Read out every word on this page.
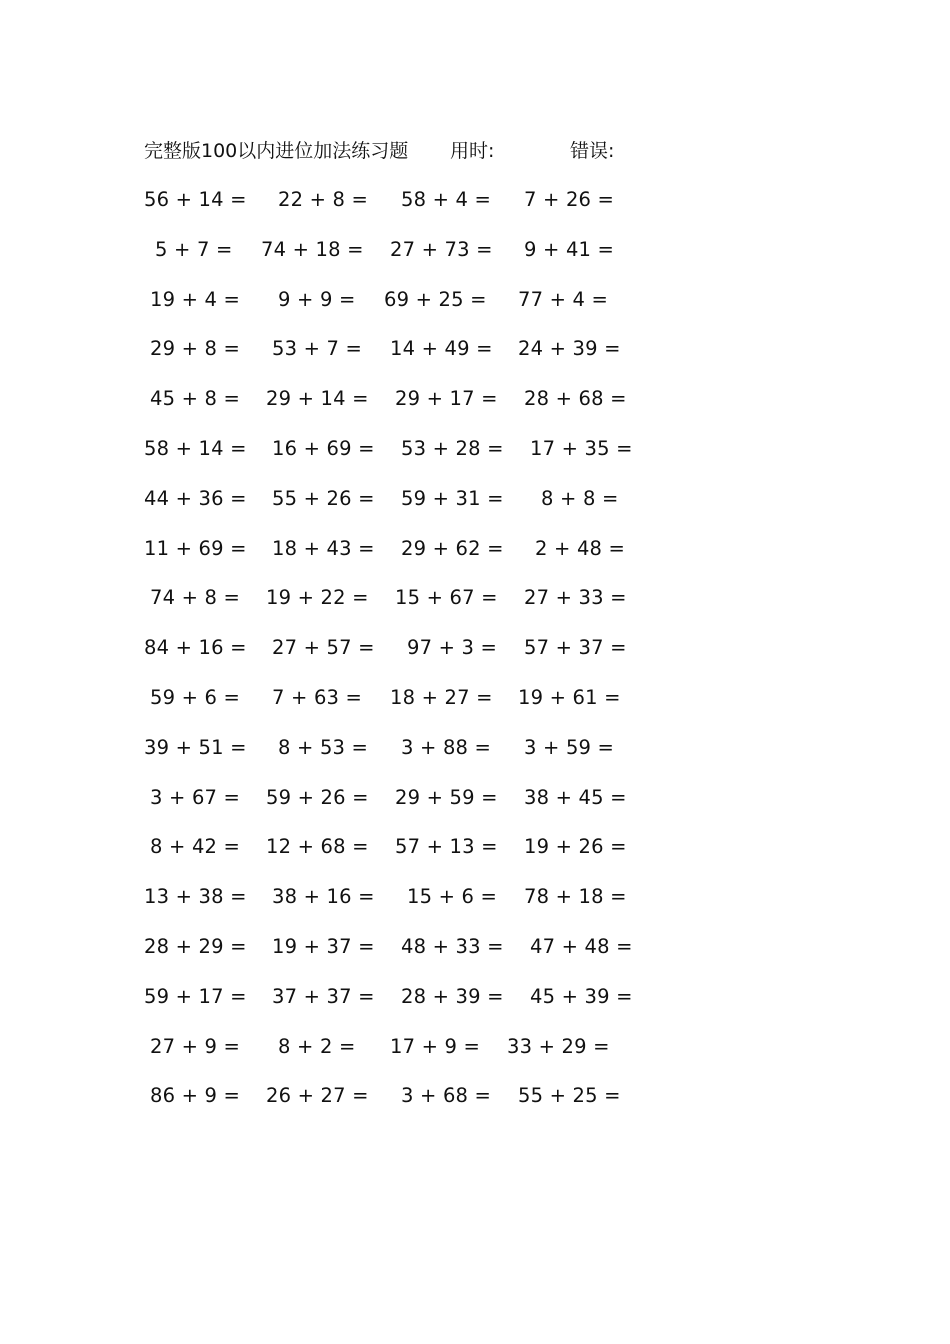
完整版100以内进位加法练习题 用时:	错误:
56 + 14 = 22 + 8 = 58 + 4 = 7 + 26 =
5 + 7 = 74 + 18 = 27 + 73 = 9 + 41 =
19 + 4 = 9 + 9 = 69 + 25 = 77 + 4 =
29 + 8 = 53 + 7 = 14 + 49 = 24 + 39 =
45 + 8 = 29 + 14 = 29 + 17 = 28 + 68 =
58 + 14 = 16 + 69 = 53 + 28 = 17 + 35 =
44 + 36 = 55 + 26 = 59 + 31 = 8 + 8 =
11 + 69 = 18 + 43 = 29 + 62 = 2 + 48 =
74 + 8 = 19 + 22 = 15 + 67 = 27 + 33 =
84 + 16 = 27 + 57 = 97 + 3 = 57 + 37 =
59 + 6 = 7 + 63 = 18 + 27 = 19 + 61 =
39 + 51 = 8 + 53 = 3 + 88 = 3 + 59 =
3 + 67 = 59 + 26 = 29 + 59 = 38 + 45 =
8 + 42 = 12 + 68 = 57 + 13 = 19 + 26 =
13 + 38 = 38 + 16 = 15 + 6 = 78 + 18 =
28 + 29 = 19 + 37 = 48 + 33 = 47 + 48 =
59 + 17 = 37 + 37 = 28 + 39 = 45 + 39 =
27 + 9 = 8 + 2 = 17 + 9 = 33 + 29 =
86 + 9 = 26 + 27 = 3 + 68 = 55 + 25 =
